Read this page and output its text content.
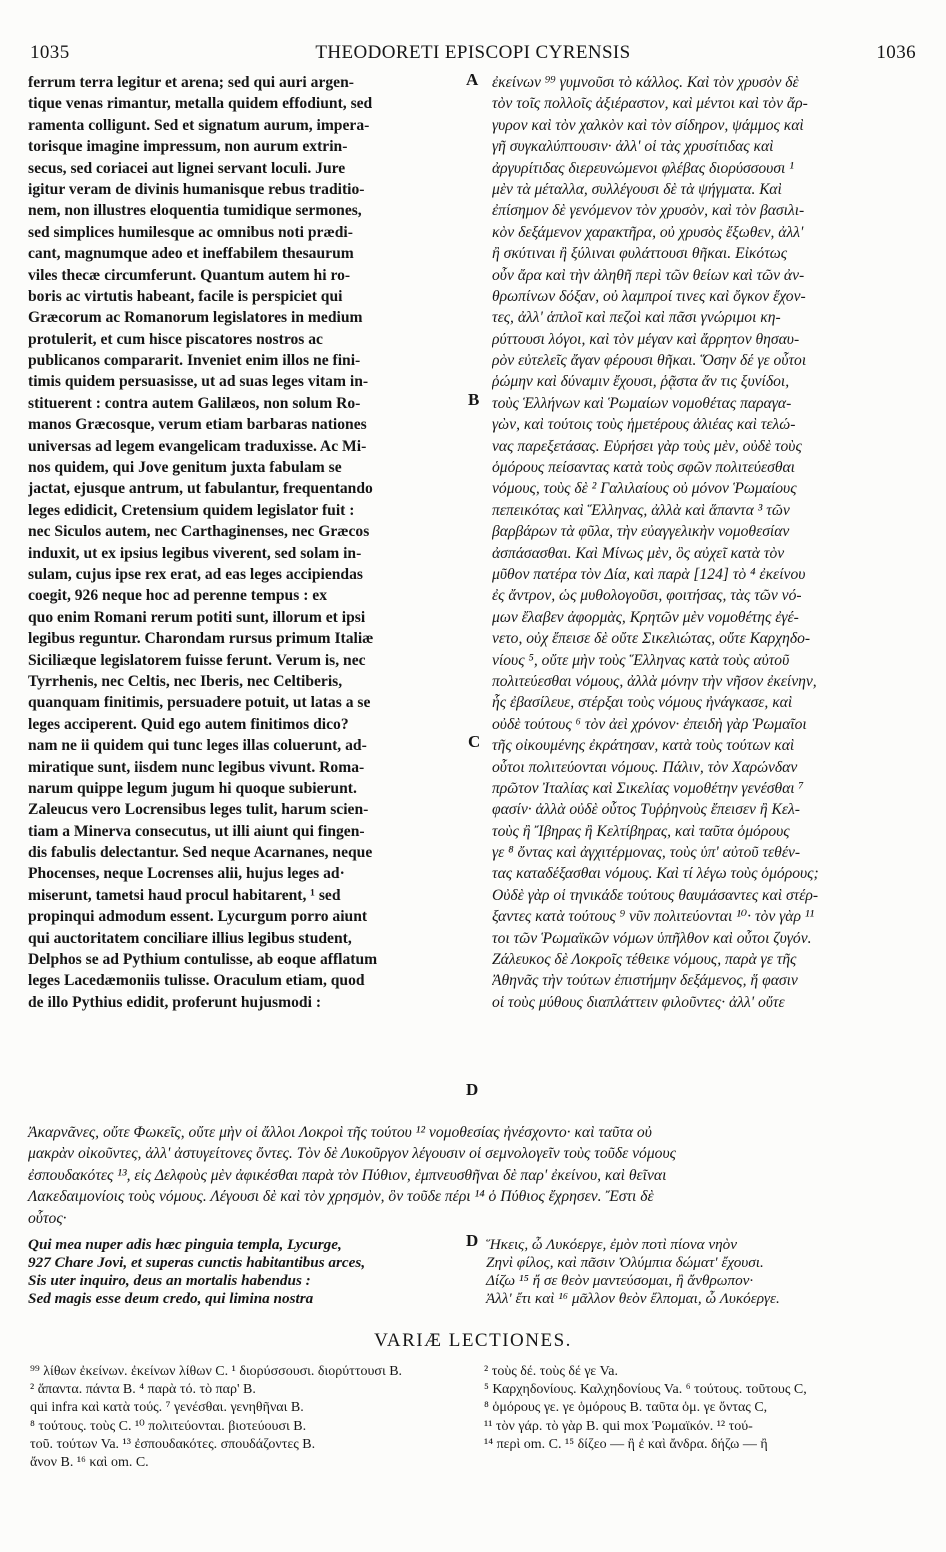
1035	THEODORETI EPISCOPI CYRENSIS	1036
ferrum terra legitur et arena; sed qui auri argen-
tique venas rimantur, metalla quidem effodiunt, sed
ramenta colligunt. Sed et signatum aurum, impera-
torisque imagine impressum, non aurum extrin-
secus, sed coriacei aut lignei servant loculi. Jure
igitur veram de divinis humanisque rebus traditio-
nem, non illustres eloquentia tumidique sermones,
sed simplices humilesque ac omnibus noti prædi-
cant, magnumque adeo et ineffabilem thesaurum
viles thecæ circumferunt. Quantum autem hi ro-
boris ac virtutis habeant, facile is perspiciet qui
Græcorum ac Romanorum legislatores in medium
protulerit, et cum hisce piscatores nostros ac
publicanos compararit. Inveniet enim illos ne fini-
timis quidem persuasisse, ut ad suas leges vitam in-
stituerent : contra autem Galilæos, non solum Ro-
manos Græcosque, verum etiam barbaras nationes
universas ad legem evangelicam traduxisse. Ac Mi-
nos quidem, qui Jove genitum juxta fabulam se
jactat, ejusque antrum, ut fabulantur, frequentando
leges edidicit, Cretensium quidem legislator fuit :
nec Siculos autem, nec Carthaginenses, nec Græcos
induxit, ut ex ipsius legibus viverent, sed solam in-
sulam, cujus ipse rex erat, ad eas leges accipiendas
coegit, 926 neque hoc ad perenne tempus : ex
quo enim Romani rerum potiti sunt, illorum et ipsi
legibus reguntur. Charondam rursus primum Italiæ
Siciliæque legislatorem fuisse ferunt. Verum is, nec
Tyrrhenis, nec Celtis, nec Iberis, nec Celtiberis,
quanquam finitimis, persuadere potuit, ut latas a se
leges acciperent. Quid ego autem finitimos dico?
nam ne ii quidem qui tunc leges illas coluerunt, ad-
miratique sunt, iisdem nunc legibus vivunt. Roma-
narum quippe legum jugum hi quoque subierunt.
Zaleucus vero Locrensibus leges tulit, harum scien-
tiam a Minerva consecutus, ut illi aiunt qui fingen-
dis fabulis delectantur. Sed neque Acarnanes, neque
Phocenses, neque Locrenses alii, hujus leges ad·
miserunt, tametsi haud procul habitarent, ¹ sed
propinqui admodum essent. Lycurgum porro aiunt
qui auctoritatem conciliare illius legibus student,
Delphos se ad Pythium contulisse, ab eoque afflatum
leges Lacedæmoniis tulisse. Oraculum etiam, quod
de illo Pythius edidit, proferunt hujusmodi :
ἐκείνων ⁹⁹ γυμνοῦσι τὸ κάλλος. Καὶ τὸν χρυσὸν δὲ
τὸν τοῖς πολλοῖς ἀξιέραστον, καὶ μέντοι καὶ τὸν ἄρ-
γυρον καὶ τὸν χαλκὸν καὶ τὸν σίδηρον, ψάμμος καὶ
γῆ συγκαλύπτουσιν· ἀλλ' οἱ τὰς χρυσίτιδας καὶ
ἀργυρίτιδας διερευνώμενοι φλέβας διορύσσουσι ¹
μὲν τὰ μέταλλα, συλλέγουσι δὲ τὰ ψήγματα. Καὶ
ἐπίσημον δὲ γενόμενον τὸν χρυσὸν, καὶ τὸν βασιλι-
κὸν δεξάμενον χαρακτῆρα, οὐ χρυσὸς ἔξωθεν, ἀλλ'
ἢ σκύτιναι ἢ ξύλιναι φυλάττουσι θῆκαι. Εἰκότως
οὖν ἄρα καὶ τὴν ἀληθῆ περὶ τῶν θείων καὶ τῶν ἀν-
θρωπίνων δόξαν, οὐ λαμπροί τινες καὶ ὄγκον ἔχον-
τες, ἀλλ' ἁπλοῖ καὶ πεζοὶ καὶ πᾶσι γνώριμοι κη-
ρύττουσι λόγοι, καὶ τὸν μέγαν καὶ ἄρρητον θησαυ-
ρὸν εὐτελεῖς ἄγαν φέρουσι θῆκαι. Ὅσην δέ γε οὗτοι
ῥώμην καὶ δύναμιν ἔχουσι, ῥᾷστα ἄν τις ξυνίδοι,
τοὺς Ἑλλήνων καὶ Ῥωμαίων νομοθέτας παραγα-
γὼν, καὶ τούτοις τοὺς ἡμετέρους ἁλιέας καὶ τελώ-
νας παρεξετάσας. Εὑρήσει γὰρ τοὺς μὲν, οὐδὲ τοὺς
ὁμόρους πείσαντας κατὰ τοὺς σφῶν πολιτεύεσθαι
νόμους, τοὺς δὲ ² Γαλιλαίους οὐ μόνον Ῥωμαίους
πεπεικότας καὶ Ἕλληνας, ἀλλὰ καὶ ἅπαντα ³ τῶν
βαρβάρων τὰ φῦλα, τὴν εὐαγγελικὴν νομοθεσίαν
ἀσπάσασθαι. Καὶ Μίνως μὲν, ὃς αὐχεῖ κατὰ τὸν
μῦθον πατέρα τὸν Δία, καὶ παρὰ [124] τὸ ⁴ ἐκείνου
ἐς ἄντρον, ὡς μυθολογοῦσι, φοιτήσας, τὰς τῶν νό-
μων ἔλαβεν ἀφορμὰς, Κρητῶν μὲν νομοθέτης ἐγέ-
νετο, οὐχ ἔπεισε δὲ οὔτε Σικελιώτας, οὔτε Καρχηδο-
νίους ⁵, οὔτε μὴν τοὺς Ἕλληνας κατὰ τοὺς αὐτοῦ
πολιτεύεσθαι νόμους, ἀλλὰ μόνην τὴν νῆσον ἐκείνην,
ἧς ἐβασίλευε, στέρξαι τοὺς νόμους ἠνάγκασε, καὶ
οὐδὲ τούτους ⁶ τὸν ἀεὶ χρόνον· ἐπειδὴ γὰρ Ῥωμαῖοι
τῆς οἰκουμένης ἐκράτησαν, κατὰ τοὺς τούτων καὶ
οὗτοι πολιτεύονται νόμους. Πάλιν, τὸν Χαρώνδαν
πρῶτον Ἰταλίας καὶ Σικελίας νομοθέτην γενέσθαι ⁷
φασίν· ἀλλὰ οὐδὲ οὗτος Τυῤῥηνοὺς ἔπεισεν ἢ Κελ-
τοὺς ἢ Ἴβηρας ἢ Κελτίβηρας, καὶ ταῦτα ὁμόρους
γε ⁸ ὄντας καὶ ἀγχιτέρμονας, τοὺς ὑπ' αὐτοῦ τεθέν-
τας καταδέξασθαι νόμους. Καὶ τί λέγω τοὺς ὁμόρους;
Οὐδὲ γὰρ οἱ τηνικάδε τούτους θαυμάσαντες καὶ στέρ-
ξαντες κατὰ τούτους ⁹ νῦν πολιτεύονται ¹⁰· τὸν γὰρ ¹¹
τοι τῶν Ῥωμαϊκῶν νόμων ὑπῆλθον καὶ οὗτοι ζυγόν.
Ζάλευκος δὲ Λοκροῖς τέθεικε νόμους, παρὰ γε τῆς
Ἀθηνᾶς τὴν τούτων ἐπιστήμην δεξάμενος, ἥ φασιν
οἱ τοὺς μύθους διαπλάττειν φιλοῦντες· ἀλλ' οὔτε
A
B
C
D
Ἀκαρνᾶνες, οὔτε Φωκεῖς, οὔτε μὴν οἱ ἄλλοι Λοκροὶ τῆς τούτου ¹² νομοθεσίας ἠνέσχοντο· καὶ ταῦτα οὐ
μακρὰν οἰκοῦντες, ἀλλ' ἀστυγείτονες ὄντες. Τὸν δὲ Λυκοῦργον λέγουσιν οἱ σεμνολογεῖν τοὺς τοῦδε νόμους
ἐσπουδακότες ¹³, εἰς Δελφοὺς μὲν ἀφικέσθαι παρὰ τὸν Πύθιον, ἐμπνευσθῆναι δὲ παρ' ἐκείνου, καὶ θεῖναι
Λακεδαιμονίοις τοὺς νόμους. Λέγουσι δὲ καὶ τὸν χρησμὸν, ὃν τοῦδε πέρι ¹⁴ ὁ Πύθιος ἔχρησεν. Ἔστι δὲ
οὗτος·
D
Qui mea nuper adis hæc pinguia templa, Lycurge,
927 Chare Jovi, et superas cunctis habitantibus arces,
Sis uter inquiro, deus an mortalis habendus :
Sed magis esse deum credo, qui limina nostra
Ἥκεις, ὦ Λυκόεργε, ἐμὸν ποτὶ πίονα νηὸν
Ζηνὶ φίλος, καὶ πᾶσιν Ὀλύμπια δώματ' ἔχουσι.
Δίζω ¹⁵ ἤ σε θεὸν μαντεύσομαι, ἢ ἄνθρωπον·
Ἀλλ' ἔτι καὶ ¹⁶ μᾶλλον θεὸν ἔλπομαι, ὦ Λυκόεργε.
VARIÆ LECTIONES.
⁹⁹ λίθων ἐκείνων. ἐκείνων λίθων C. ¹ διορύσσουσι. διορύττουσι B.
² ἅπαντα. πάντα B. ⁴ παρὰ τό. τὸ παρ' B.
qui infra καὶ κατὰ τούς. ⁷ γενέσθαι. γενηθῆναι B.
⁸ τούτους. τοὺς C. ¹⁰ πολιτεύονται. βιοτεύουσι B.
τοῦ. τούτων Va. ¹³ ἐσπουδακότες. σπουδάζοντες B.
ἄνον B. ¹⁶ καὶ om. C.
² τοὺς δέ. τοὺς δέ γε Va.
⁵ Καρχηδονίους. Καλχηδονίους Va. ⁶ τούτους. τοῦτους C,
⁸ ὁμόρους γε. γε ὁμόρους B. ταῦτα ὁμ. γε ὄντας C,
¹¹ τὸν γάρ. τὸ γὰρ B. qui mox Ῥωμαϊκόν. ¹² τού-
¹⁴ περὶ om. C. ¹⁵ δίζεο — ἢ ἐ καὶ ἄνδρα. δήζω — ἢ
